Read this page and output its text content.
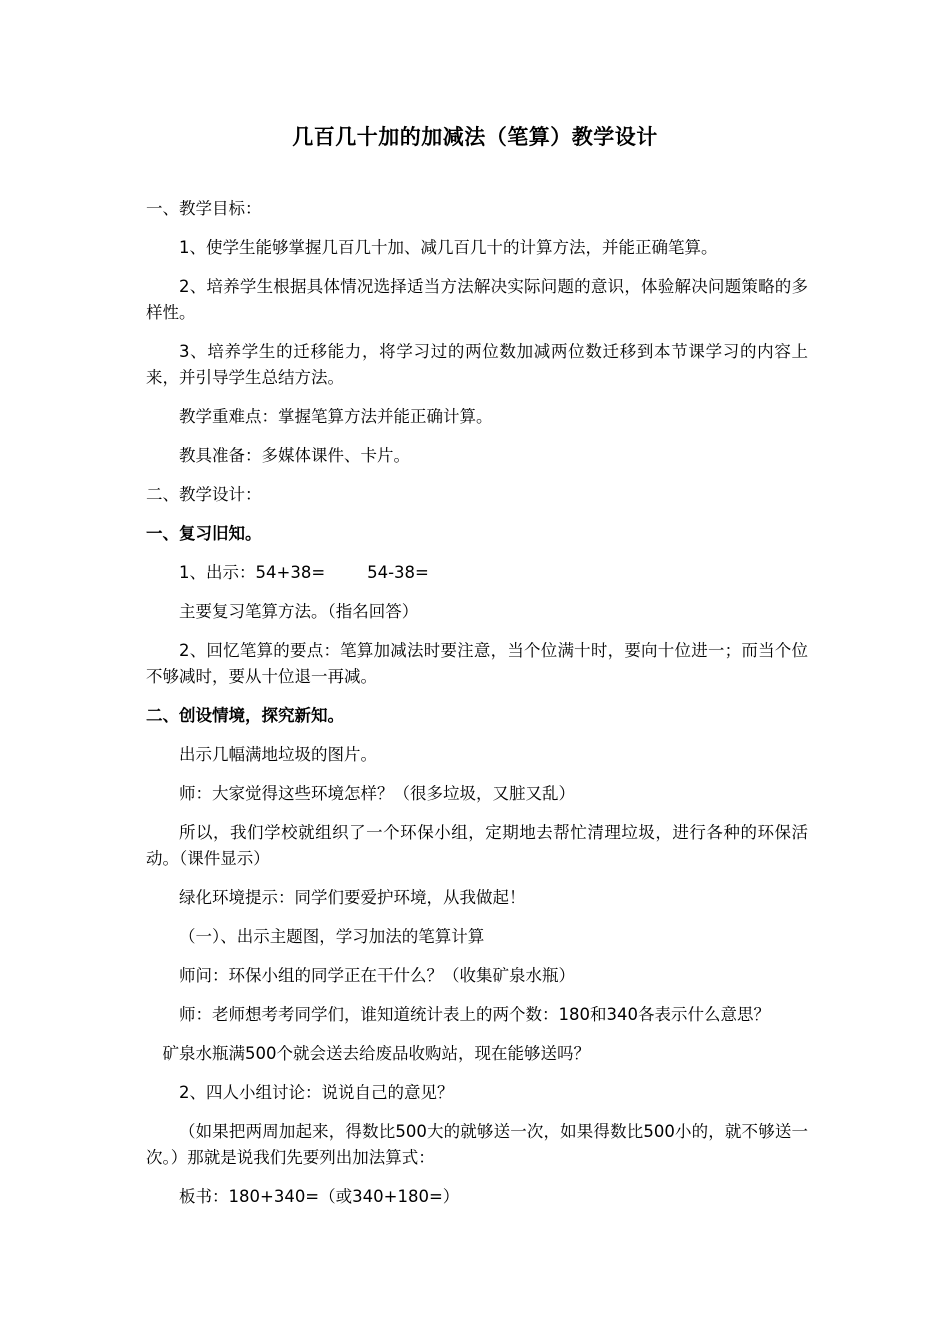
几百几十加的加减法（笔算）教学设计

一、教学目标：

1、使学生能够掌握几百几十加、减几百几十的计算方法，并能正确笔算。

2、培养学生根据具体情况选择适当方法解决实际问题的意识，体验解决问题策略的多样性。

3、培养学生的迁移能力，将学习过的两位数加减两位数迁移到本节课学习的内容上来，并引导学生总结方法。

教学重难点：掌握笔算方法并能正确计算。

教具准备：多媒体课件、卡片。

二、教学设计：

一、复习旧知。

1、出示：54+38=        54-38=

主要复习笔算方法。（指名回答）

2、回忆笔算的要点：笔算加减法时要注意，当个位满十时，要向十位进一；而当个位不够减时，要从十位退一再减。

二、创设情境，探究新知。

出示几幅满地垃圾的图片。

师：大家觉得这些环境怎样？（很多垃圾，又脏又乱）

所以，我们学校就组织了一个环保小组，定期地去帮忙清理垃圾，进行各种的环保活动。（课件显示）

绿化环境提示：同学们要爱护环境，从我做起！

（一）、出示主题图，学习加法的笔算计算

师问：环保小组的同学正在干什么？（收集矿泉水瓶）

师：老师想考考同学们，谁知道统计表上的两个数：180和340各表示什么意思？

矿泉水瓶满500个就会送去给废品收购站，现在能够送吗？

2、四人小组讨论：说说自己的意见？

（如果把两周加起来，得数比500大的就够送一次，如果得数比500小的，就不够送一次。）那就是说我们先要列出加法算式：

板书：180+340=（或340+180=）
